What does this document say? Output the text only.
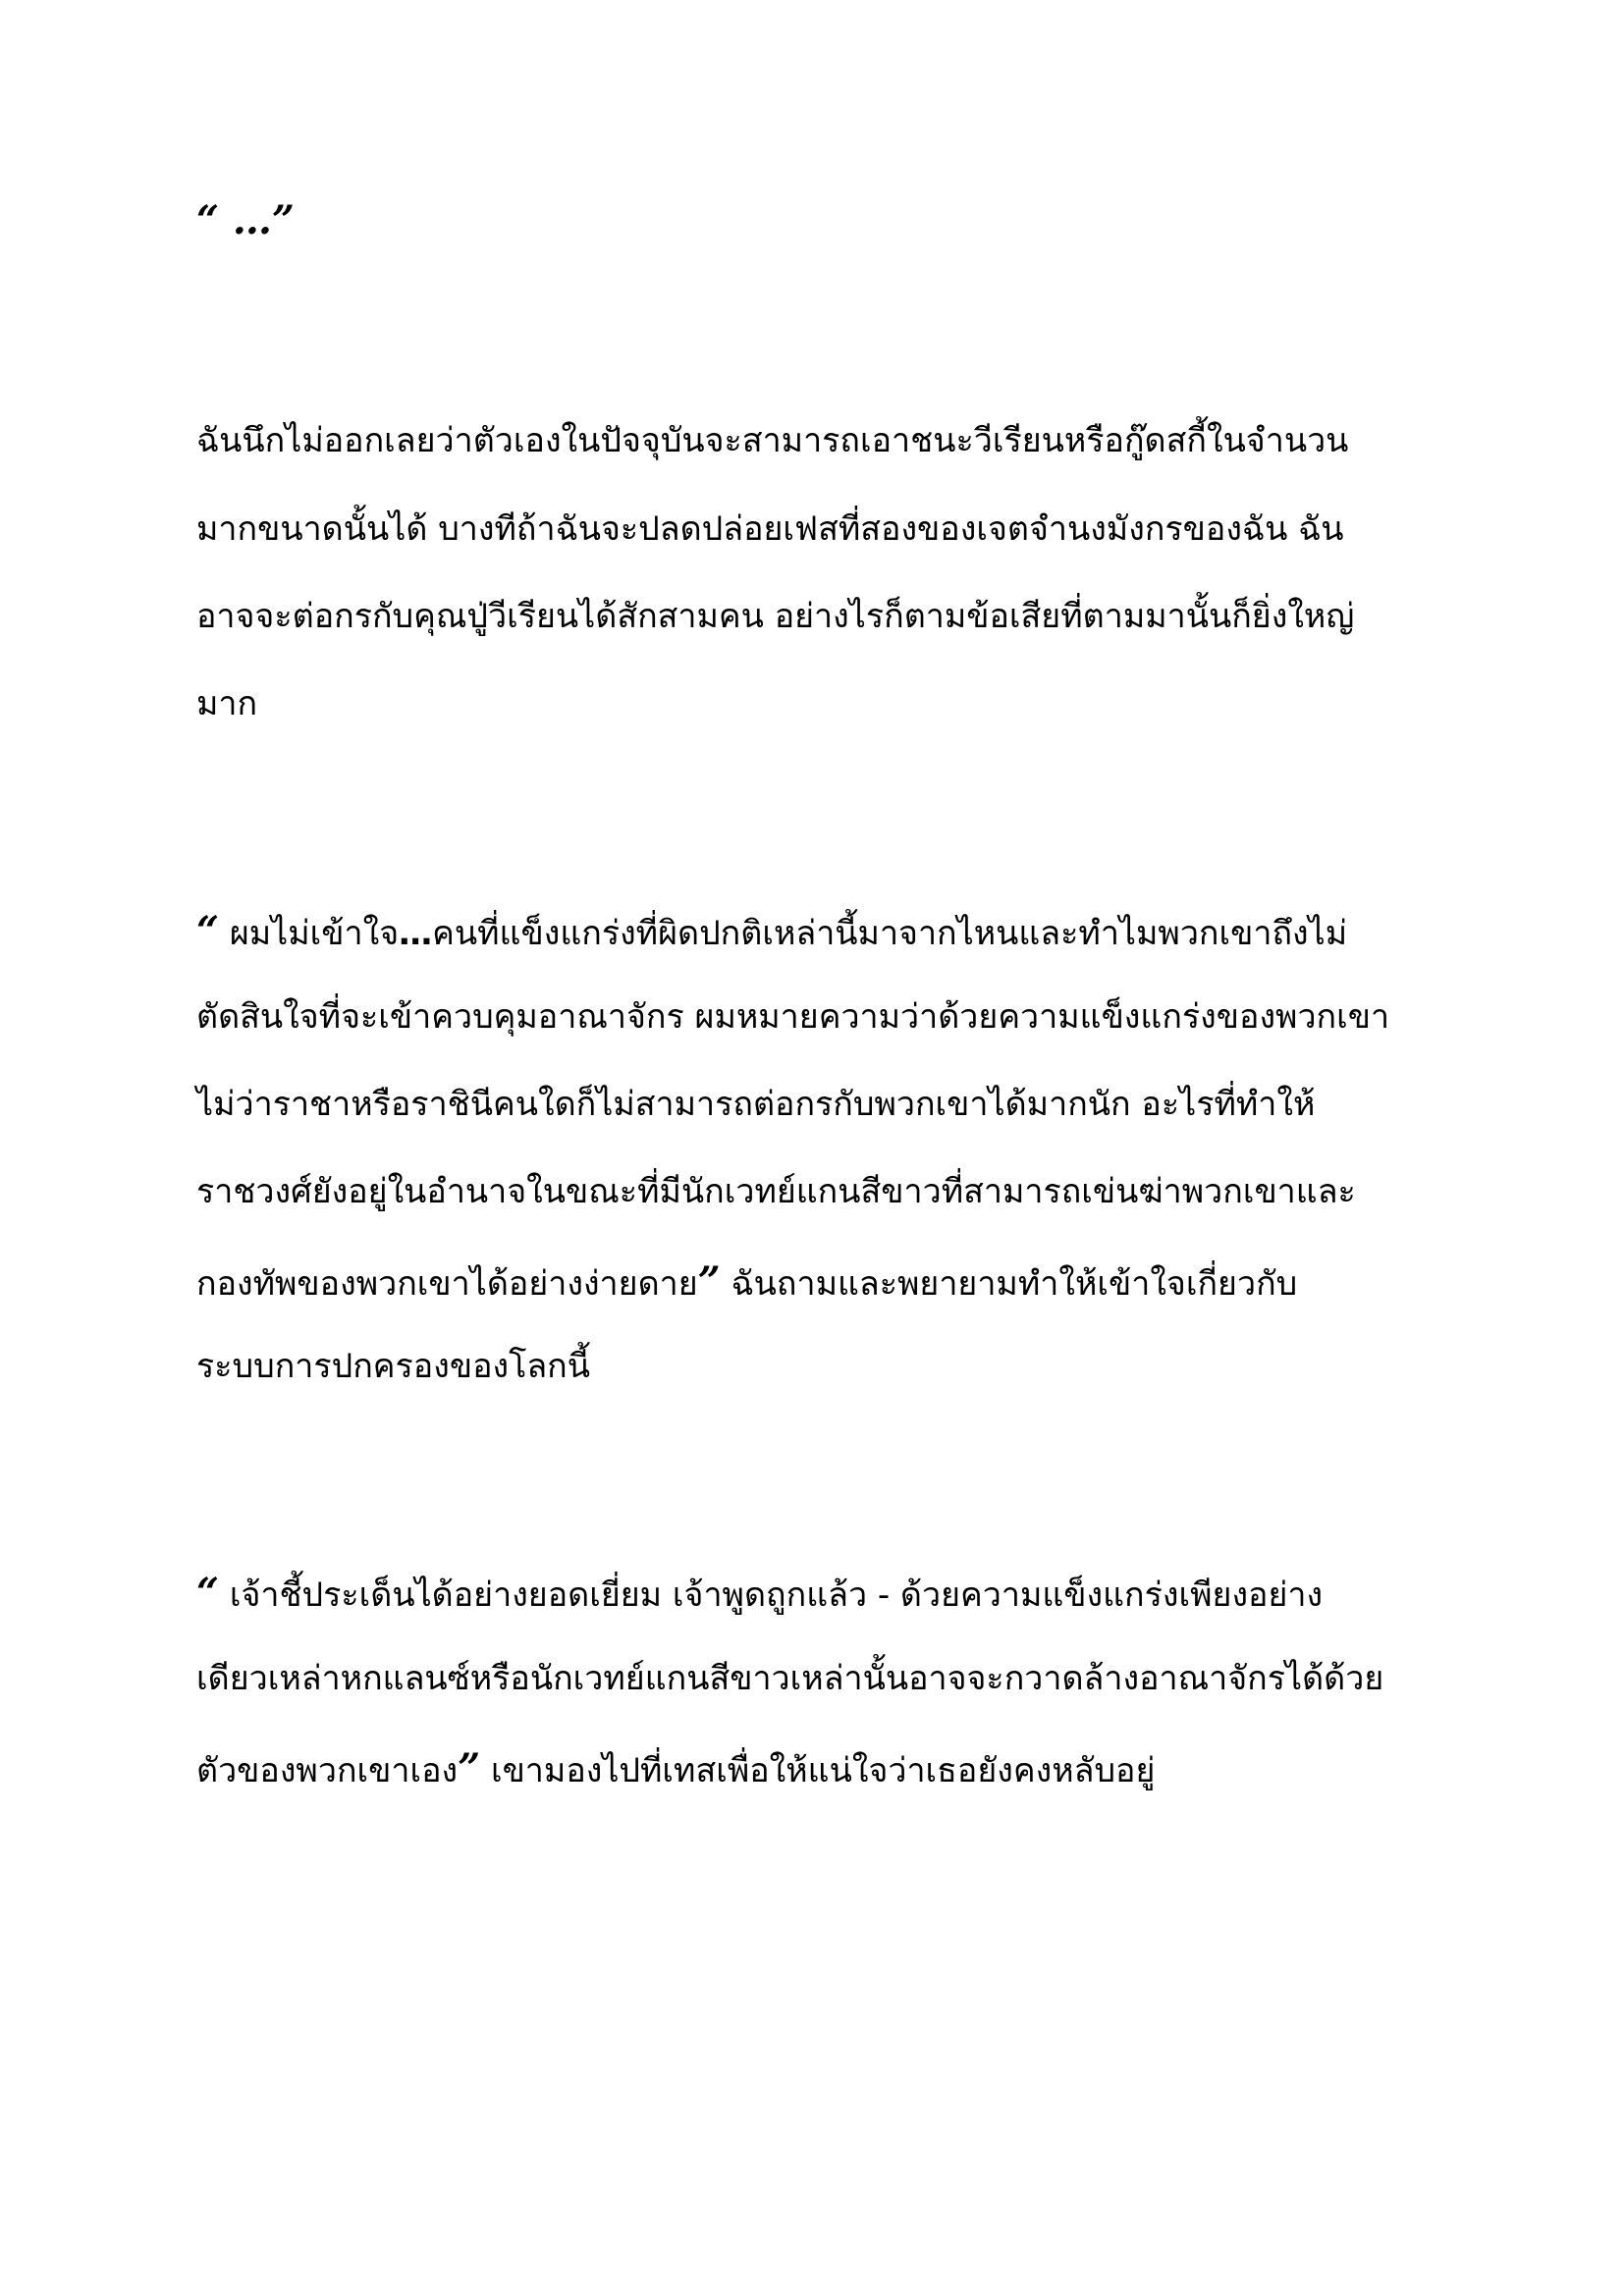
“ …”
ฉันนึกไม่ออกเลยว่าตัวเองในปัจจุบันจะสามารถเอาชนะวีเรียนหรือกู๊ดสกี้ในจำนวน
มากขนาดนั้นได้ บางทีถ้าฉันจะปลดปล่อยเฟสที่สองของเจตจำนงมังกรของฉัน ฉัน
อาจจะต่อกรกับคุณปู่วีเรียนได้สักสามคน อย่างไรก็ตามข้อเสียที่ตามมานั้นก็ยิ่งใหญ่
มาก
“ ผมไม่เข้าใจ…คนที่แข็งแกร่งที่ผิดปกติเหล่านี้มาจากไหนและทำไมพวกเขาถึงไม่
ตัดสินใจที่จะเข้าควบคุมอาณาจักร ผมหมายความว่าด้วยความแข็งแกร่งของพวกเขา
ไม่ว่าราชาหรือราชินีคนใดก็ไม่สามารถต่อกรกับพวกเขาได้มากนัก อะไรที่ทำให้
ราชวงศ์ยังอยู่ในอำนาจในขณะที่มีนักเวทย์แกนสีขาวที่สามารถเข่นฆ่าพวกเขาและ
กองทัพของพวกเขาได้อย่างง่ายดาย” ฉันถามและพยายามทำให้เข้าใจเกี่ยวกับ
ระบบการปกครองของโลกนี้
“ เจ้าชี้ประเด็นได้อย่างยอดเยี่ยม เจ้าพูดถูกแล้ว - ด้วยความแข็งแกร่งเพียงอย่าง
เดียวเหล่าหกแลนซ์หรือนักเวทย์แกนสีขาวเหล่านั้นอาจจะกวาดล้างอาณาจักรได้ด้วย
ตัวของพวกเขาเอง” เขามองไปที่เทสเพื่อให้แน่ใจว่าเธอยังคงหลับอยู่
